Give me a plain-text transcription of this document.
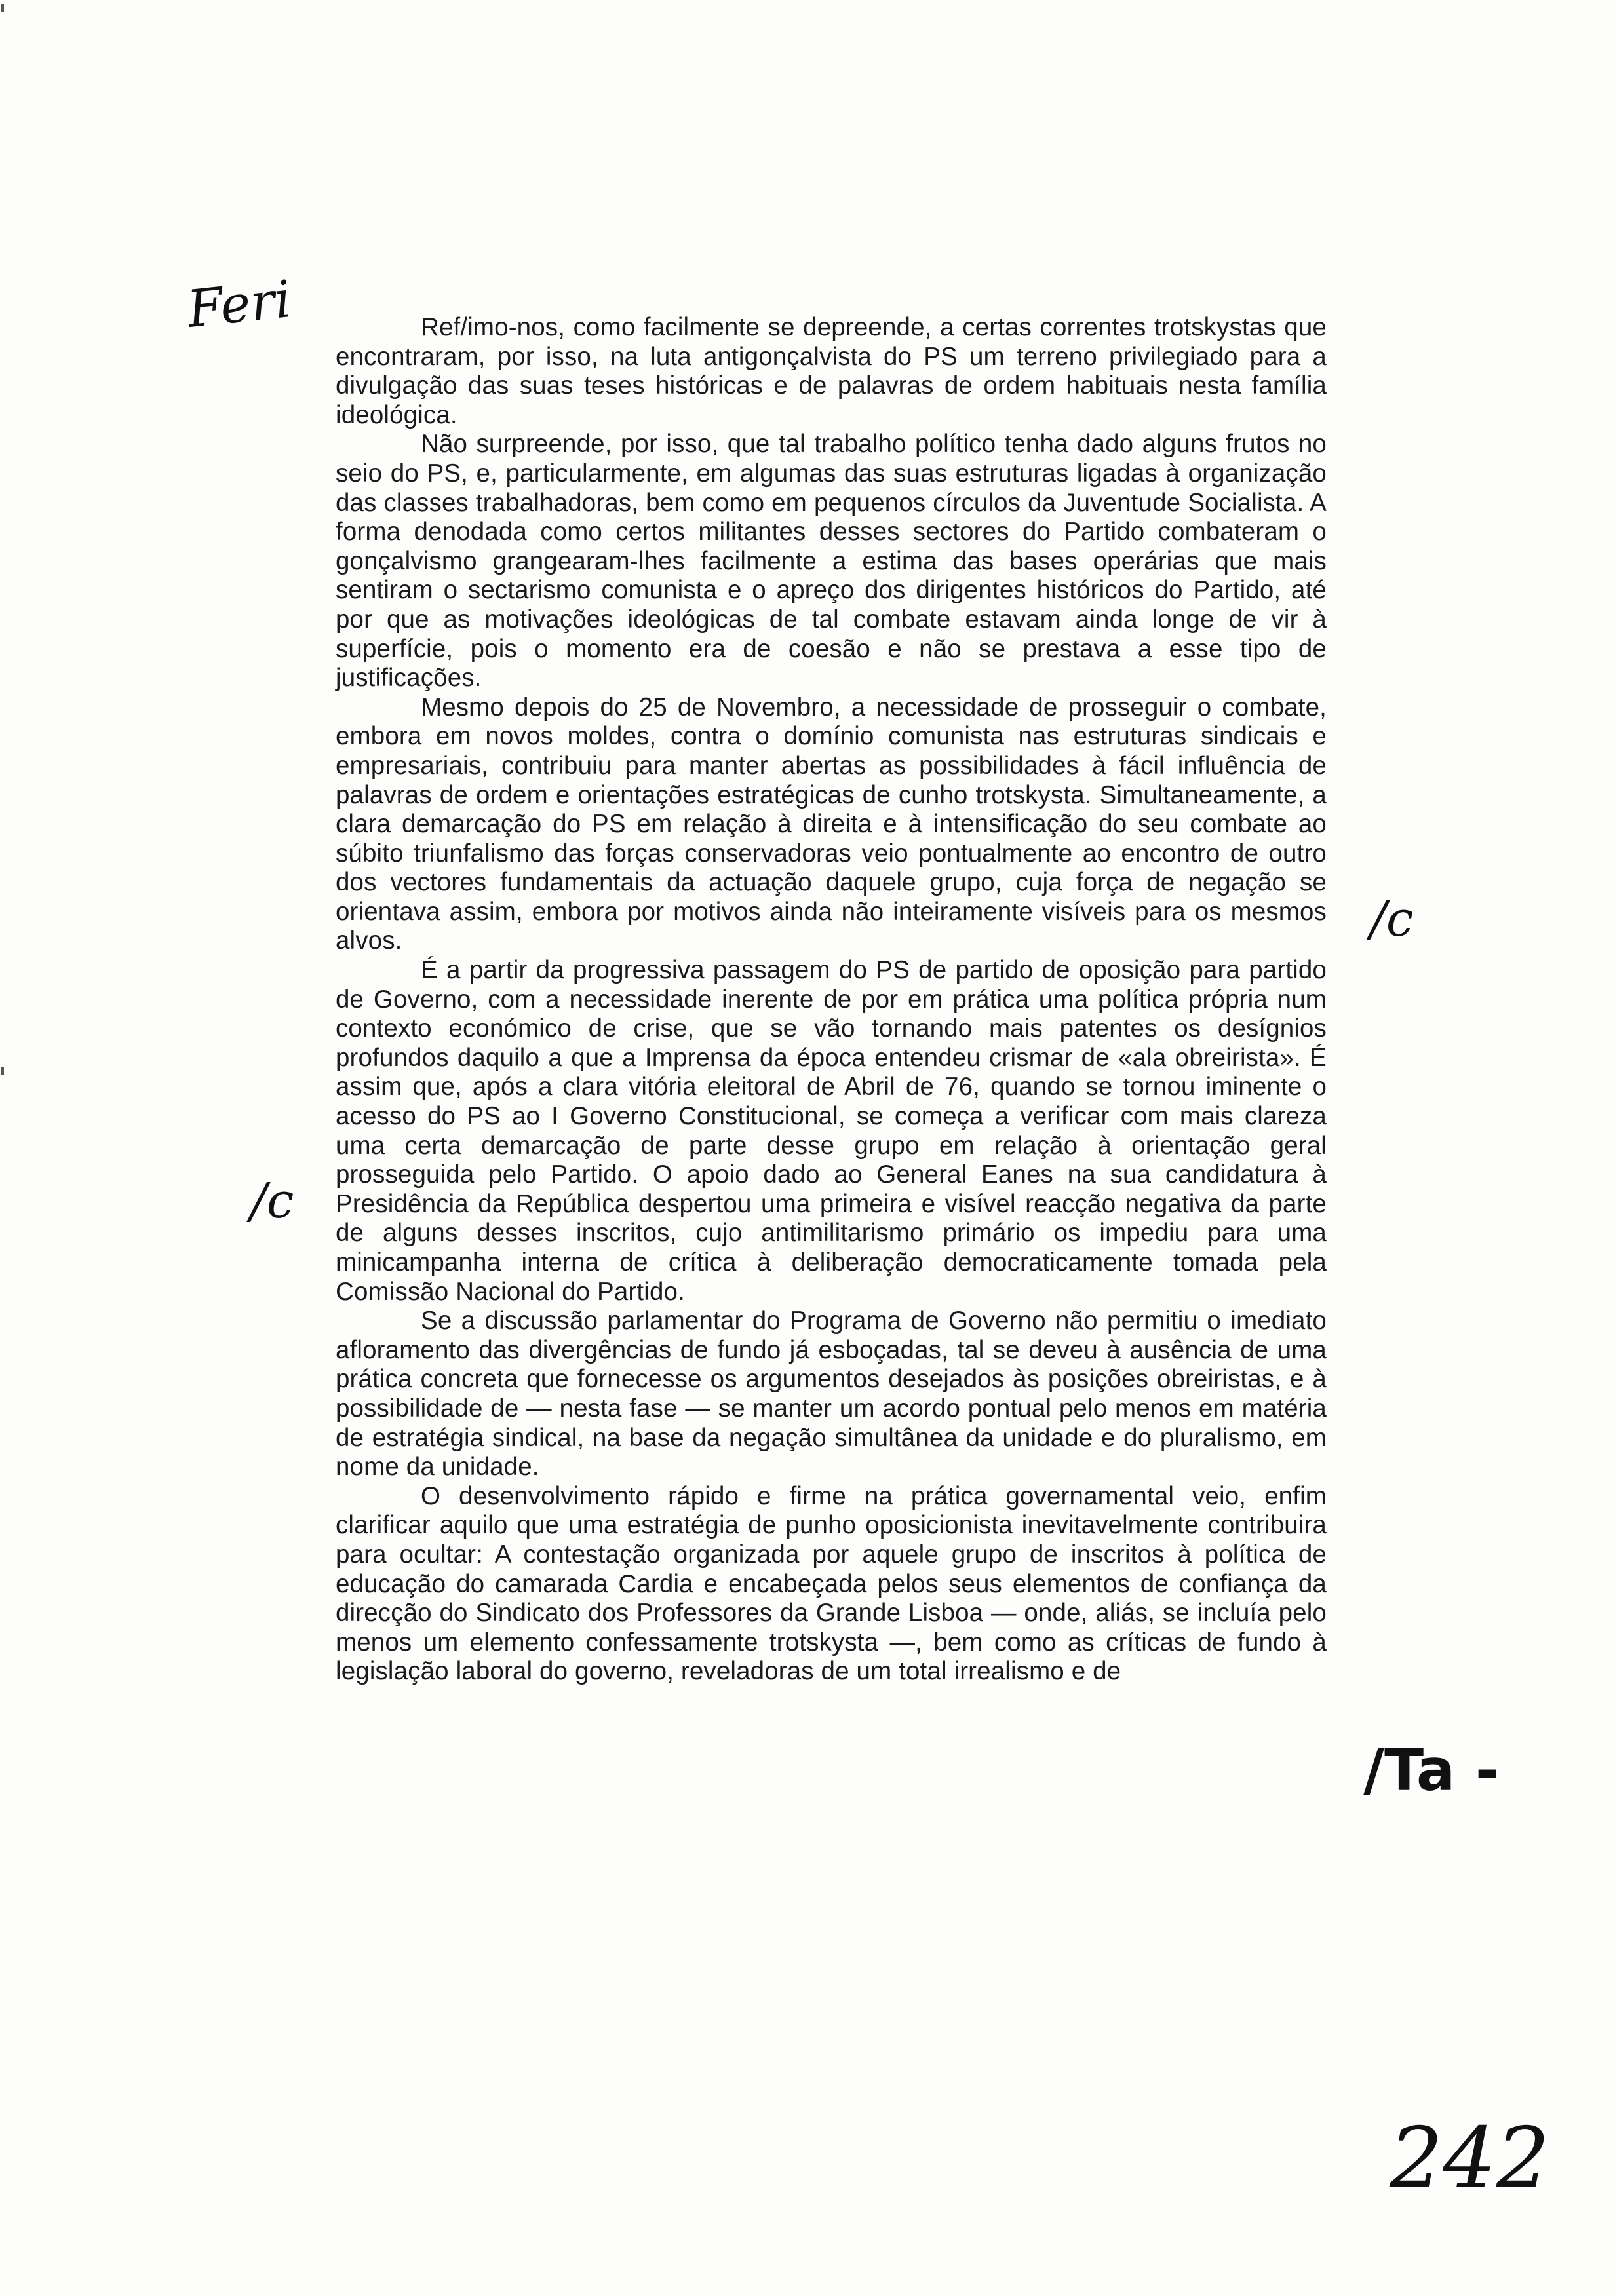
Feri	Ref/imo-nos, como facilmente se depreende, a certas correntes trotskystas que encontraram, por isso, na luta antigonçalvista do PS um terreno privilegiado para a divulgação das suas teses históricas e de palavras de ordem habituais nesta família ideológica.

Não surpreende, por isso, que tal trabalho político tenha dado alguns frutos no seio do PS, e, particularmente, em algumas das suas estruturas ligadas à organização das classes trabalhadoras, bem como em pequenos círculos da Juventude Socialista. A forma denodada como certos militantes desses sectores do Partido combateram o gonçalvismo grangearam-lhes facilmente a estima das bases operárias que mais sentiram o sectarismo comunista e o apreço dos dirigentes históricos do Partido, até por que as motivações ideológicas de tal combate estavam ainda longe de vir à superfície, pois o momento era de coesão e não se prestava a esse tipo de justificações.

Mesmo depois do 25 de Novembro, a necessidade de prosseguir o combate, embora em novos moldes, contra o domínio comunista nas estruturas sindicais e empresariais, contribuiu para manter abertas as possibilidades à fácil influência de palavras de ordem e orientações estratégicas de cunho trotskysta. Simultaneamente, a clara demarcação do PS em relação à direita e à intensificação do seu combate ao súbito triunfalismo das forças conservadoras veio pontualmente ao encontro de outro dos vectores fundamentais da actuação daquele grupo, cuja força de negação se orientava assim, embora por motivos ainda não inteiramente visíveis para os mesmos alvos.

É a partir da progressiva passagem do PS de partido de oposição para partido de Governo, com a necessidade inerente de por em prática uma política própria num contexto económico de crise, que se vão tornando mais patentes os desígnios profundos daquilo a que a Imprensa da época entendeu crismar de «ala obreirista». É assim que, após a clara vitória eleitoral de Abril de 76, quando se tornou iminente o acesso do PS ao I Governo Constitucional, se começa a verificar com mais clareza uma certa demarcação de parte desse grupo em relação à orientação geral prosseguida pelo Partido. O apoio dado ao General Eanes na sua candidatura à Presidência da República despertou uma primeira e visível reacção negativa da parte de alguns desses inscritos, cujo antimilitarismo primário os impediu para uma minicampanha interna de crítica à deliberação democraticamente tomada pela Comissão Nacional do Partido.

Se a discussão parlamentar do Programa de Governo não permitiu o imediato afloramento das divergências de fundo já esboçadas, tal se deveu à ausência de uma prática concreta que fornecesse os argumentos desejados às posições obreiristas, e à possibilidade de — nesta fase — se manter um acordo pontual pelo menos em matéria de estratégia sindical, na base da negação simultânea da unidade e do pluralismo, em nome da unidade.

O desenvolvimento rápido e firme na prática governamental veio, enfim clarificar aquilo que uma estratégia de punho oposicionista inevitavelmente contribuira para ocultar: A contestação organizada por aquele grupo de inscritos à política de educação do camarada Cardia e encabeçada pelos seus elementos de confiança da direcção do Sindicato dos Professores da Grande Lisboa — onde, aliás, se incluía pelo menos um elemento confessamente trotskysta —, bem como as críticas de fundo à legislação laboral do governo, reveladoras de um total irrealismo e de

/c
/c
/Ta -
242
